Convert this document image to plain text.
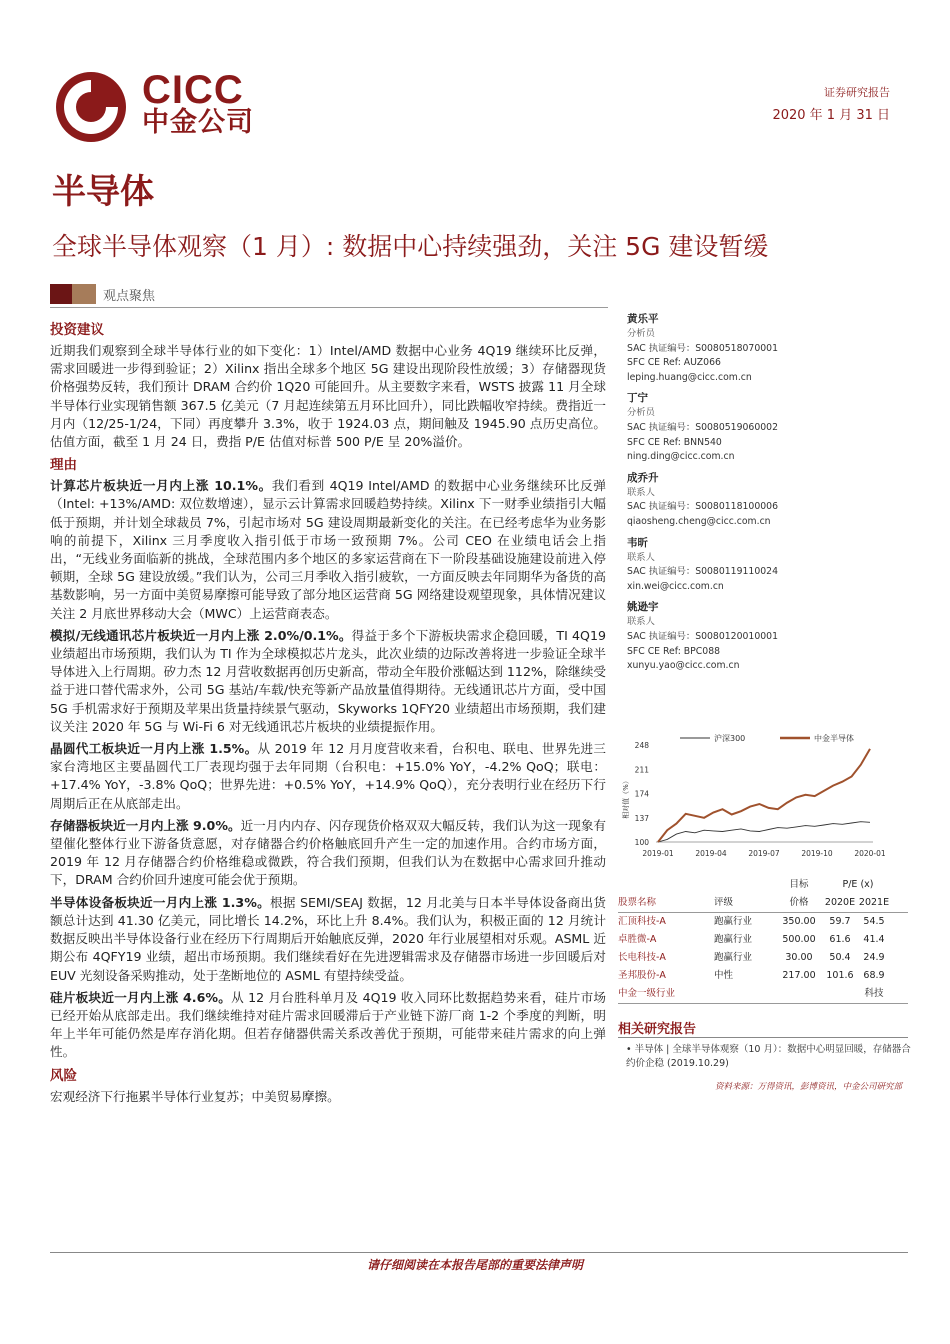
CICC
中金公司
证券研究报告
2020 年 1 月 31 日
半导体
全球半导体观察（1 月）: 数据中心持续强劲，关注 5G 建设暂缓
观点聚焦
投资建议

近期我们观察到全球半导体行业的如下变化：1）Intel/AMD 数据中心业务 4Q19 继续环比反弹，需求回暖进一步得到验证；2）Xilinx 指出全球多个地区 5G 建设出现阶段性放缓；3）存储器现货价格强势反转，我们预计 DRAM 合约价 1Q20 可能回升。从主要数字来看，WSTS 披露 11 月全球半导体行业实现销售额 367.5 亿美元（7 月起连续第五月环比回升），同比跌幅收窄持续。费指近一月内（12/25-1/24，下同）再度攀升 3.3%，收于 1924.03 点，期间触及 1945.90 点历史高位。估值方面，截至 1 月 24 日，费指 P/E 估值对标普 500 P/E 呈 20%溢价。

理由

计算芯片板块近一月内上涨 10.1%。我们看到 4Q19 Intel/AMD 的数据中心业务继续环比反弹（Intel: +13%/AMD: 双位数增速），显示云计算需求回暖趋势持续。Xilinx 下一财季业绩指引大幅低于预期，并计划全球裁员 7%，引起市场对 5G 建设周期最新变化的关注。在已经考虑华为业务影响的前提下，Xilinx 三月季度收入指引低于市场一致预期 7%。公司 CEO 在业绩电话会上指出，“无线业务面临新的挑战，全球范围内多个地区的多家运营商在下一阶段基础设施建设前进入停顿期，全球 5G 建设放缓。”我们认为，公司三月季收入指引疲软，一方面反映去年同期华为备货的高基数影响，另一方面中美贸易摩擦可能导致了部分地区运营商 5G 网络建设观望现象，具体情况建议关注 2 月底世界移动大会（MWC）上运营商表态。

模拟/无线通讯芯片板块近一月内上涨 2.0%/0.1%。得益于多个下游板块需求企稳回暖，TI 4Q19 业绩超出市场预期，我们认为 TI 作为全球模拟芯片龙头，此次业绩的边际改善将进一步验证全球半导体进入上行周期。矽力杰 12 月营收数据再创历史新高，带动全年股价涨幅达到 112%，除继续受益于进口替代需求外，公司 5G 基站/车载/快充等新产品放量值得期待。无线通讯芯片方面，受中国 5G 手机需求好于预期及苹果出货量持续景气驱动，Skyworks 1QFY20 业绩超出市场预期，我们建议关注 2020 年 5G 与 Wi-Fi 6 对无线通讯芯片板块的业绩提振作用。

晶圆代工板块近一月内上涨 1.5%。从 2019 年 12 月月度营收来看，台积电、联电、世界先进三家台湾地区主要晶圆代工厂表现均强于去年同期（台积电：+15.0% YoY，-4.2% QoQ；联电：+17.4% YoY，-3.8% QoQ；世界先进：+0.5% YoY，+14.9% QoQ），充分表明行业在经历下行周期后正在从底部走出。

存储器板块近一月内上涨 9.0%。近一月内内存、闪存现货价格双双大幅反转，我们认为这一现象有望催化整体行业下游备货意愿，对存储器合约价格触底回升产生一定的加速作用。合约市场方面，2019 年 12 月存储器合约价格维稳或微跌，符合我们预期，但我们认为在数据中心需求回升推动下，DRAM 合约价回升速度可能会优于预期。

半导体设备板块近一月内上涨 1.3%。根据 SEMI/SEAJ 数据，12 月北美与日本半导体设备商出货额总计达到 41.30 亿美元，同比增长 14.2%，环比上升 8.4%。我们认为，积极正面的 12 月统计数据反映出半导体设备行业在经历下行周期后开始触底反弹，2020 年行业展望相对乐观。ASML 近期公布 4QFY19 业绩，超出市场预期。我们继续看好在先进逻辑需求及存储器市场进一步回暖后对 EUV 光刻设备采购推动，处于垄断地位的 ASML 有望持续受益。

硅片板块近一月内上涨 4.6%。从 12 月台胜科单月及 4Q19 收入同环比数据趋势来看，硅片市场已经开始从底部走出。我们继续维持对硅片需求回暖滞后于产业链下游厂商 1-2 个季度的判断，明年上半年可能仍然是库存消化期。但若存储器供需关系改善优于预期，可能带来硅片需求的向上弹性。

风险

宏观经济下行拖累半导体行业复苏；中美贸易摩擦。

黄乐平
分析员
SAC 执证编号：S0080518070001
SFC CE Ref: AUZ066
leping.huang@cicc.com.cn
丁宁
分析员
SAC 执证编号：S0080519060002
SFC CE Ref: BNN540
ning.ding@cicc.com.cn
成乔升
联系人
SAC 执证编号：S0080118100006
qiaosheng.cheng@cicc.com.cn
韦昕
联系人
SAC 执证编号：S0080119110024
xin.wei@cicc.com.cn
姚逊宇
联系人
SAC 执证编号：S0080120010001
SFC CE Ref: BPC088
xunyu.yao@cicc.com.cn
沪深300	中金半导体
相对值（%）
248
211
174
137
100
2019-01	2019-04	2019-07	2019-10	2020-01
目标	P/E (x)
股票名称	评级	价格	2020E 2021E
汇顶科技-A	跑赢行业	350.00	59.7	54.5
卓胜微-A	跑赢行业	500.00	61.6	41.4
长电科技-A	跑赢行业	30.00	50.4	24.9
圣邦股份-A	中性	217.00	101.6	68.9
中金一级行业	科技
相关研究报告
• 半导体 | 全球半导体观察（10 月）：数据中心明显回暖，存储器合约价企稳 (2019.10.29)
资料来源：万得资讯，彭博资讯，中金公司研究部
请仔细阅读在本报告尾部的重要法律声明
